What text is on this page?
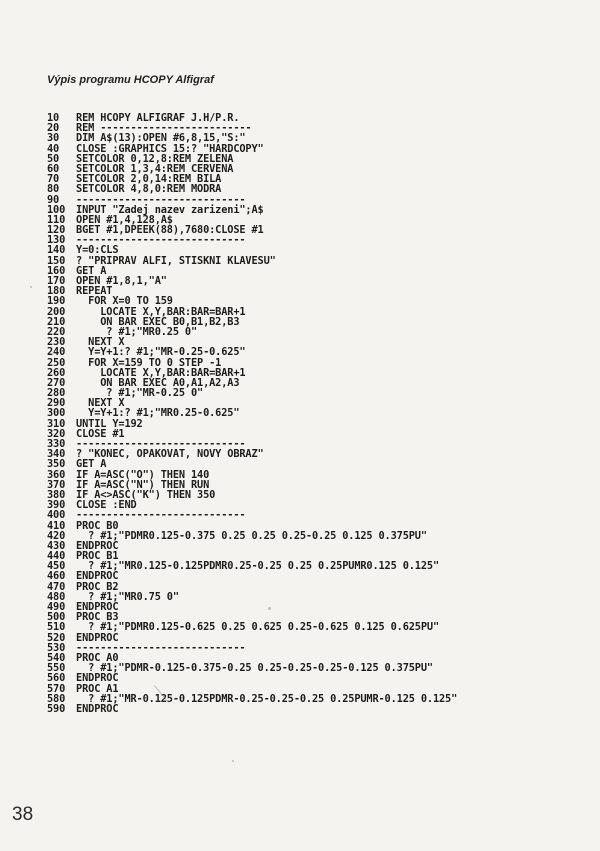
Výpis programu HCOPY Alfigraf
10 REM HCOPY ALFIGRAF J.H/P.R.
20 REM -------------------------
30 DIM A$(13):OPEN #6,8,15,"S:"
40 CLOSE :GRAPHICS 15:? "HARDCOPY"
50 SETCOLOR 0,12,8:REM ZELENA
60 SETCOLOR 1,3,4:REM CERVENA
70 SETCOLOR 2,0,14:REM BILA
80 SETCOLOR 4,8,0:REM MODRA
90 ----------------------------
100 INPUT "Zadej nazev zarizeni";A$
110 OPEN #1,4,128,A$
120 BGET #1,DPEEK(88),7680:CLOSE #1
130 ----------------------------
140 Y=0:CLS
150 ? "PRIPRAV ALFI, STISKNI KLAVESU"
160 GET A
170 OPEN #1,8,1,"A"
180 REPEAT
190   FOR X=0 TO 159
200     LOCATE X,Y,BAR:BAR=BAR+1
210     ON BAR EXEC B0,B1,B2,B3
220      ? #1;"MR0.25 0"
230   NEXT X
240   Y=Y+1:? #1;"MR-0.25-0.625"
250   FOR X=159 TO 0 STEP -1
260     LOCATE X,Y,BAR:BAR=BAR+1
270     ON BAR EXEC A0,A1,A2,A3
280      ? #1;"MR-0.25 0"
290   NEXT X
300   Y=Y+1:? #1;"MR0.25-0.625"
310 UNTIL Y=192
320 CLOSE #1
330 ----------------------------
340 ? "KONEC, OPAKOVAT, NOVY OBRAZ"
350 GET A
360 IF A=ASC("O") THEN 140
370 IF A=ASC("N") THEN RUN
380 IF A<>ASC("K") THEN 350
390 CLOSE :END
400 ----------------------------
410 PROC B0
420   ? #1;"PDMR0.125-0.375 0.25 0.25 0.25-0.25 0.125 0.375PU"
430 ENDPROC
440 PROC B1
450   ? #1;"MR0.125-0.125PDMR0.25-0.25 0.25 0.25PUMR0.125 0.125"
460 ENDPROC
470 PROC B2
480   ? #1;"MR0.75 0"
490 ENDPROC
500 PROC B3
510   ? #1;"PDMR0.125-0.625 0.25 0.625 0.25-0.625 0.125 0.625PU"
520 ENDPROC
530 ----------------------------
540 PROC A0
550   ? #1;"PDMR-0.125-0.375-0.25 0.25-0.25-0.25-0.125 0.375PU"
560 ENDPROC
570 PROC A1
580   ? #1;"MR-0.125-0.125PDMR-0.25-0.25-0.25 0.25PUMR-0.125 0.125"
590 ENDPROC
38
